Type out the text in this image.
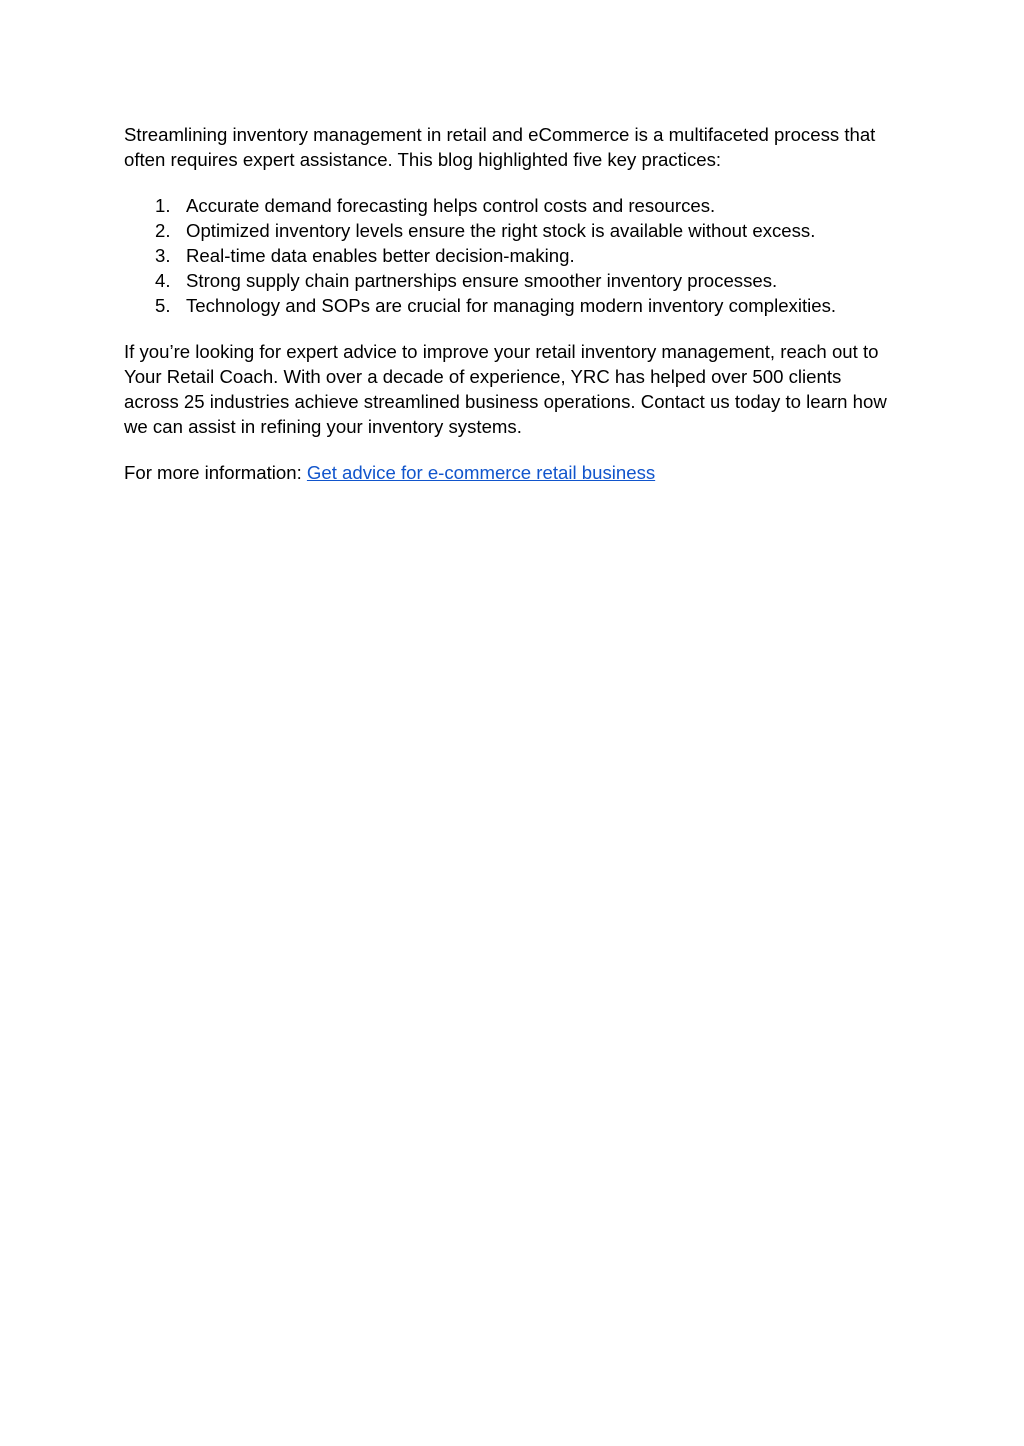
Streamlining inventory management in retail and eCommerce is a multifaceted process that
often requires expert assistance. This blog highlighted five key practices:

1. Accurate demand forecasting helps control costs and resources.
2. Optimized inventory levels ensure the right stock is available without excess.
3. Real-time data enables better decision-making.
4. Strong supply chain partnerships ensure smoother inventory processes.
5. Technology and SOPs are crucial for managing modern inventory complexities.

If you’re looking for expert advice to improve your retail inventory management, reach out to
Your Retail Coach. With over a decade of experience, YRC has helped over 500 clients
across 25 industries achieve streamlined business operations. Contact us today to learn how
we can assist in refining your inventory systems.

For more information: Get advice for e-commerce retail business
